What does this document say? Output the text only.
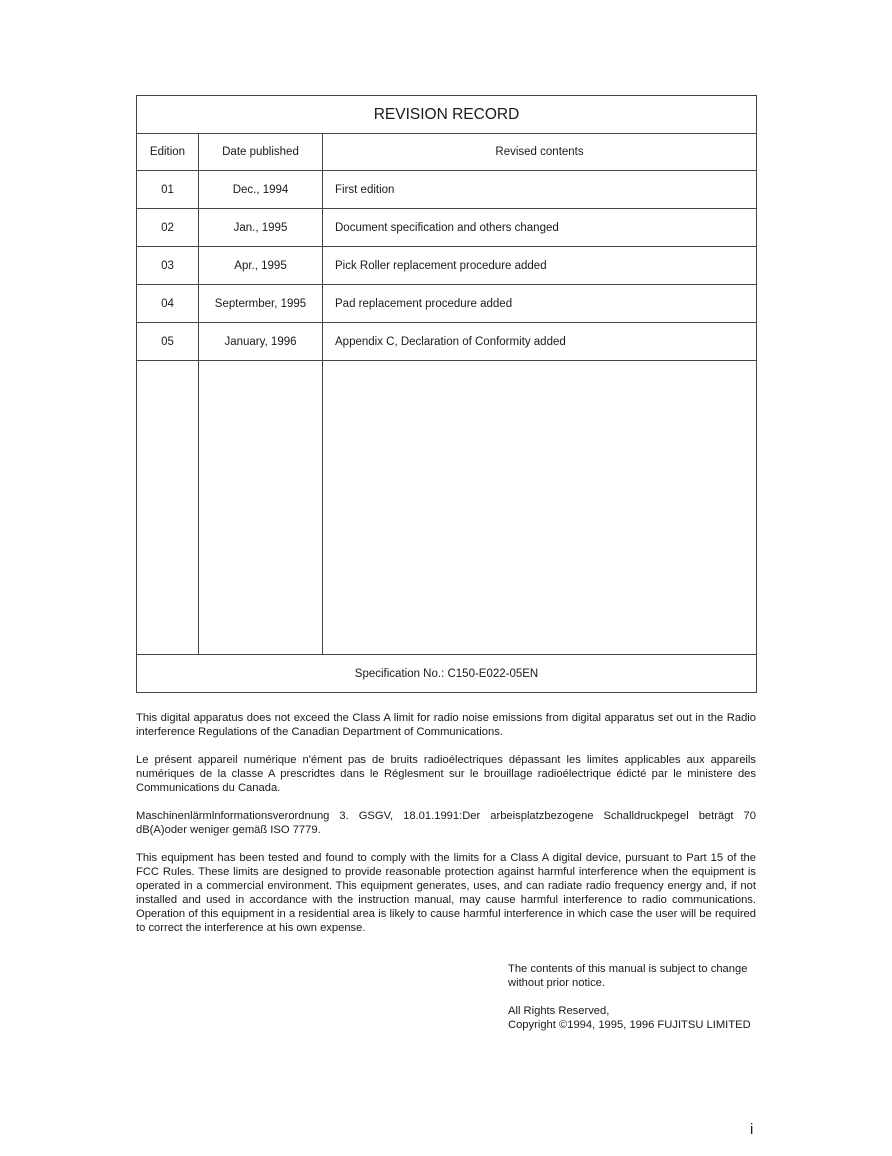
REVISION RECORD		
Edition	Date published	Revised contents
01	Dec., 1994	First edition
02	Jan., 1995	Document specification and others changed
03	Apr., 1995	Pick Roller replacement procedure added
04	Septermber, 1995	Pad replacement procedure added
05	January, 1996	Appendix C, Declaration of Conformity added

Specification No.: C150-E022-05EN		

This digital apparatus does not exceed the Class A limit for radio noise emissions from digital apparatus set out in the Radio interference Regulations of the Canadian Department of Communications.

Le présent appareil numérique n'ément pas de bruits radioélectriques dépassant les limites applicables aux appareils numériques de la classe A prescridtes dans le Réglesment sur le brouillage radioélectrique édicté par le ministere des Communications du Canada.

Maschinenlärmlnformationsverordnung 3. GSGV, 18.01.1991:Der arbeisplatzbezogene Schalldruckpegel beträgt 70 dB(A)oder weniger gemäß ISO 7779.

This equipment has been tested and found to comply with the limits for a Class A digital device, pursuant to Part 15 of the FCC Rules. These limits are designed to provide reasonable protection against harmful interference when the equipment is operated in a commercial environment. This equipment generates, uses, and can radiate radio frequency energy and, if not installed and used in accordance with the instruction manual, may cause harmful interference to radio communications. Operation of this equipment in a residential area is likely to cause harmful interference in which case the user will be required to correct the interference at his own expense.

The contents of this manual is subject to change
without prior notice.

All Rights Reserved,
Copyright ©1994, 1995, 1996 FUJITSU LIMITED

i
